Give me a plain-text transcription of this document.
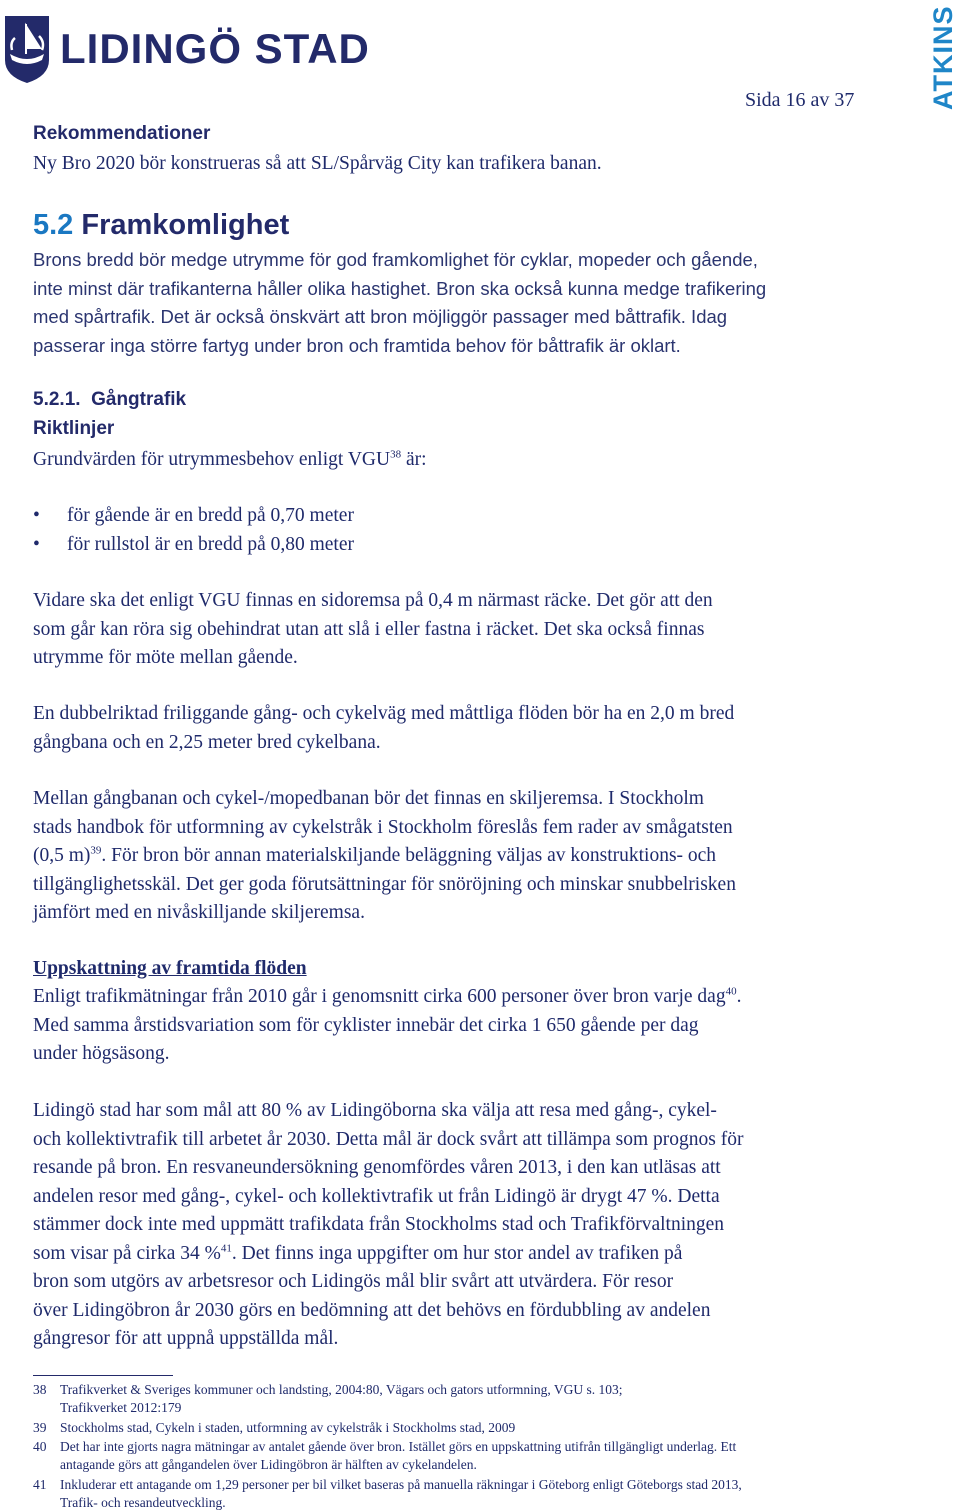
LIDINGÖ STAD	ATKINS
Sida 16 av 37
Rekommendationer
Ny Bro 2020 bör konstrueras så att SL/Spårväg City kan trafikera banan.
5.2 Framkomlighet
Brons bredd bör medge utrymme för god framkomlighet för cyklar, mopeder och gående,
inte minst där trafikanterna håller olika hastighet. Bron ska också kunna medge trafikering
med spårtrafik. Det är också önskvärt att bron möjliggör passager med båttrafik. Idag
passerar inga större fartyg under bron och framtida behov för båttrafik är oklart.
5.2.1. Gångtrafik
Riktlinjer
Grundvärden för utrymmesbehov enligt VGU$^{38}$ är:
• för gående är en bredd på 0,70 meter
• för rullstol är en bredd på 0,80 meter
Vidare ska det enligt VGU finnas en sidoremsa på 0,4 m närmast räcke. Det gör att den
som går kan röra sig obehindrat utan att slå i eller fastna i räcket. Det ska också finnas
utrymme för möte mellan gående.
En dubbelriktad friliggande gång- och cykelväg med måttliga flöden bör ha en 2,0 m bred
gångbana och en 2,25 meter bred cykelbana.
Mellan gångbanan och cykel-/mopedbanan bör det finnas en skiljeremsa. I Stockholm
stads handbok för utformning av cykelstråk i Stockholm föreslås fem rader av smågatsten
(0,5 m)$^{39}$. För bron bör annan materialskiljande beläggning väljas av konstruktions- och
tillgänglighetsskäl. Det ger goda förutsättningar för snöröjning och minskar snubbelrisken
jämfört med en nivåskilljande skiljeremsa.
Uppskattning av framtida flöden
Enligt trafikmätningar från 2010 går i genomsnitt cirka 600 personer över bron varje dag$^{40}$.
Med samma årstidsvariation som för cyklister innebär det cirka 1 650 gående per dag
under högsäsong.
Lidingö stad har som mål att 80 % av Lidingöborna ska välja att resa med gång-, cykel-
och kollektivtrafik till arbetet år 2030. Detta mål är dock svårt att tillämpa som prognos för
resande på bron. En resvaneundersökning genomfördes våren 2013, i den kan utläsas att
andelen resor med gång-, cykel- och kollektivtrafik ut från Lidingö är drygt 47 %. Detta
stämmer dock inte med uppmätt trafikdata från Stockholms stad och Trafikförvaltningen
som visar på cirka 34 %$^{41}$. Det finns inga uppgifter om hur stor andel av trafiken på
bron som utgörs av arbetsresor och Lidingös mål blir svårt att utvärdera. För resor
över Lidingöbron år 2030 görs en bedömning att det behövs en fördubbling av andelen
gångresor för att uppnå uppställda mål.
38 Trafikverket & Sveriges kommuner och landsting, 2004:80, Vägars och gators utformning, VGU s. 103;
Trafikverket 2012:179
39 Stockholms stad, Cykeln i staden, utformning av cykelstråk i Stockholms stad, 2009
40 Det har inte gjorts nagra mätningar av antalet gående över bron. Istället görs en uppskattning utifrån tillgängligt underlag. Ett
antagande görs att gångandelen över Lidingöbron är hälften av cykelandelen.
41 Inkluderar ett antagande om 1,29 personer per bil vilket baseras på manuella räkningar i Göteborg enligt Göteborgs stad 2013,
Trafik- och resandeutveckling.
